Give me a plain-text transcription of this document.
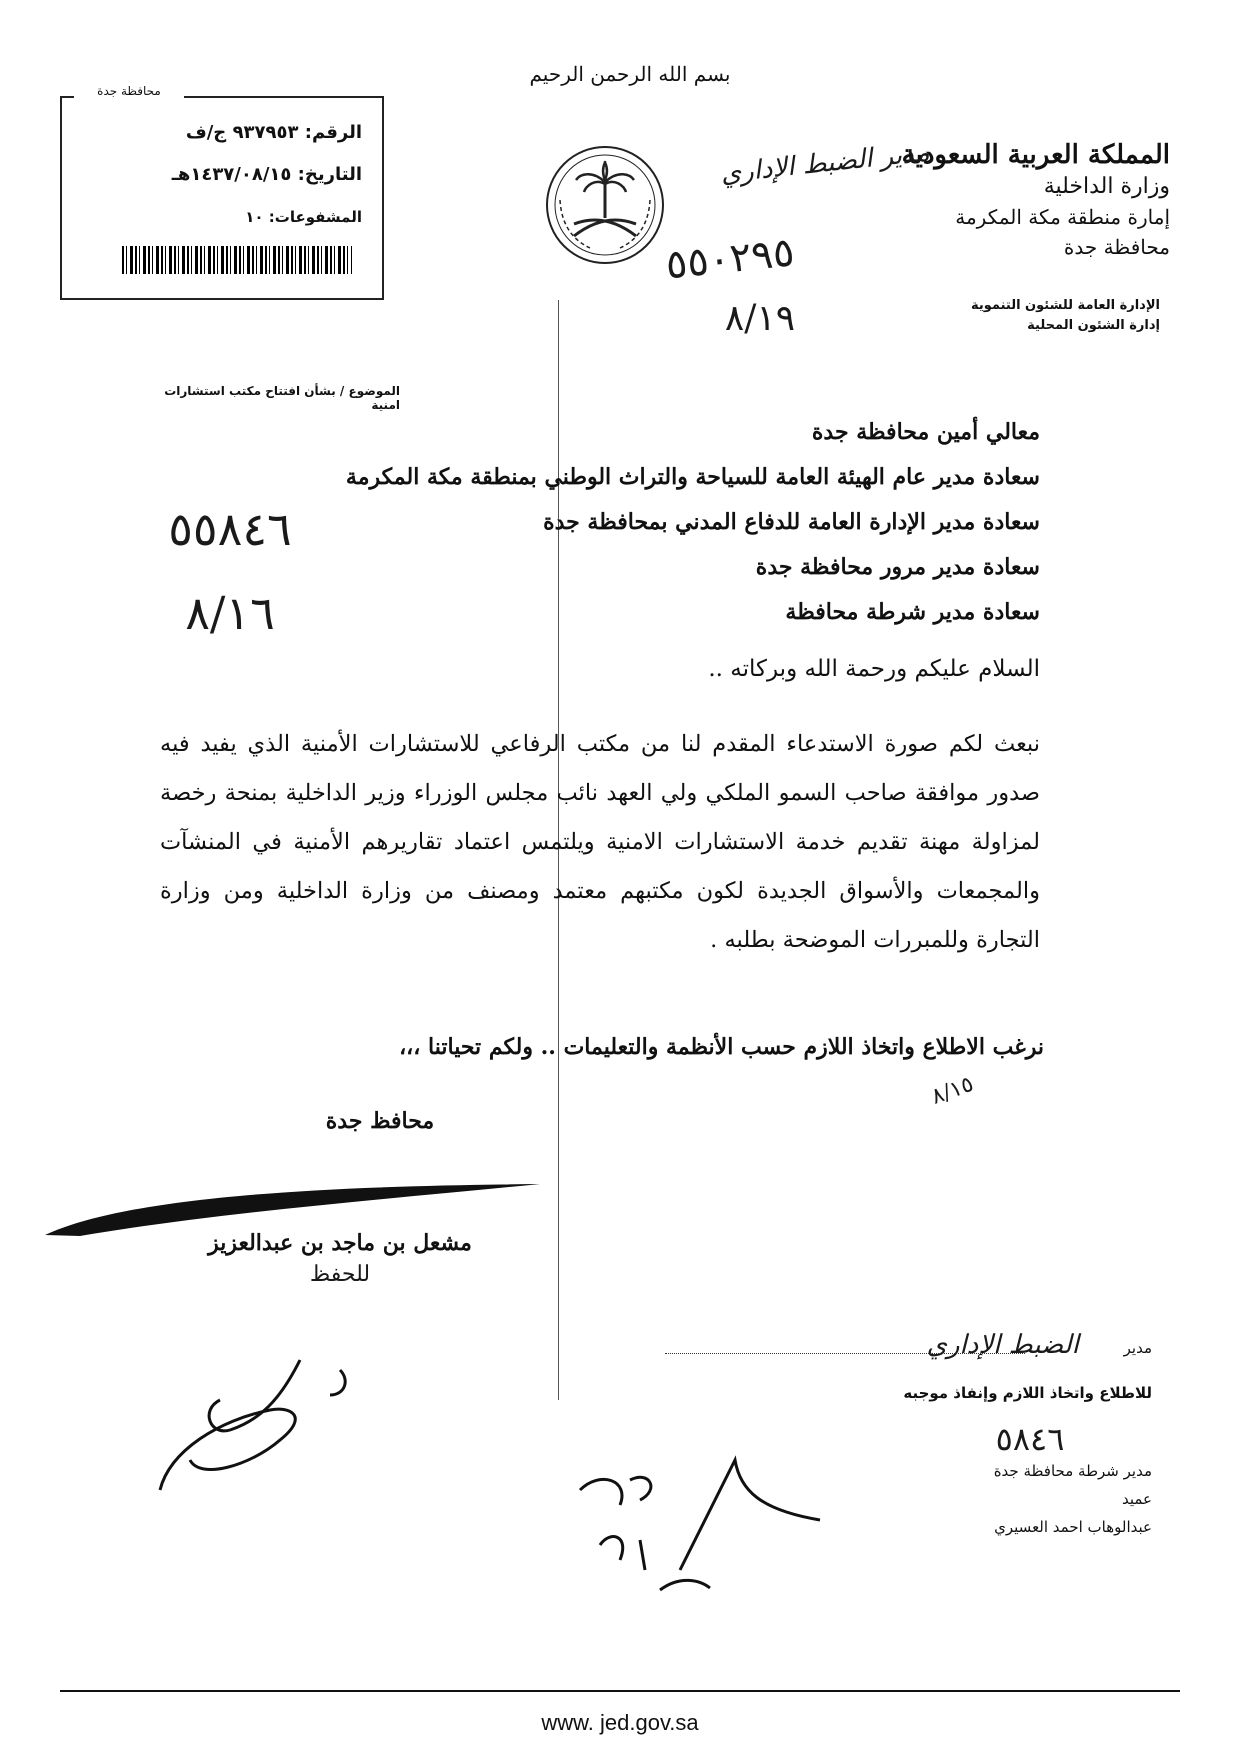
بسم الله الرحمن الرحيم
المملكة العربية السعودية
وزارة الداخلية
إمارة منطقة مكة المكرمة
محافظة جدة
الإدارة العامة للشئون التنموية
إدارة الشئون المحلية
محافظة جدة
الرقم: ٩٣٧٩٥٣ ج/ف
التاريخ: ١٤٣٧/٠٨/١٥هـ
المشفوعات: ١٠
مدير الضبط الإداري
٥٥٠٢٩٥
٨/١٩
الموضوع / بشأن افتتاح مكتب استشارات امنية
معالي أمين محافظة جدة
سعادة مدير عام الهيئة العامة للسياحة والتراث الوطني بمنطقة مكة المكرمة
سعادة مدير الإدارة العامة للدفاع المدني بمحافظة جدة
سعادة مدير مرور محافظة جدة
سعادة مدير شرطة محافظة
٥٥٨٤٦
٨/١٦
السلام عليكم ورحمة الله وبركاته ..
نبعث لكم صورة الاستدعاء المقدم لنا من مكتب الرفاعي للاستشارات الأمنية الذي يفيد فيه صدور موافقة صاحب السمو الملكي ولي العهد نائب مجلس الوزراء وزير الداخلية بمنحة رخصة لمزاولة مهنة تقديم خدمة الاستشارات الامنية ويلتمس اعتماد تقاريرهم الأمنية في المنشآت والمجمعات والأسواق الجديدة لكون مكتبهم معتمد ومصنف من وزارة الداخلية ومن وزارة التجارة وللمبررات الموضحة بطلبه .
نرغب الاطلاع واتخاذ اللازم حسب الأنظمة والتعليمات .. ولكم تحياتنا ،،،
٨/١٥
محافظ جدة
مشعل بن ماجد بن عبدالعزيز
مدير الضبط الإداري
للاطلاع واتخاذ اللازم وإنفاذ موجبه
٥٨٤٦
مدير شرطة محافظة جدة
عميد
عبدالوهاب احمد العسيري
للحفظ
www. jed.gov.sa
